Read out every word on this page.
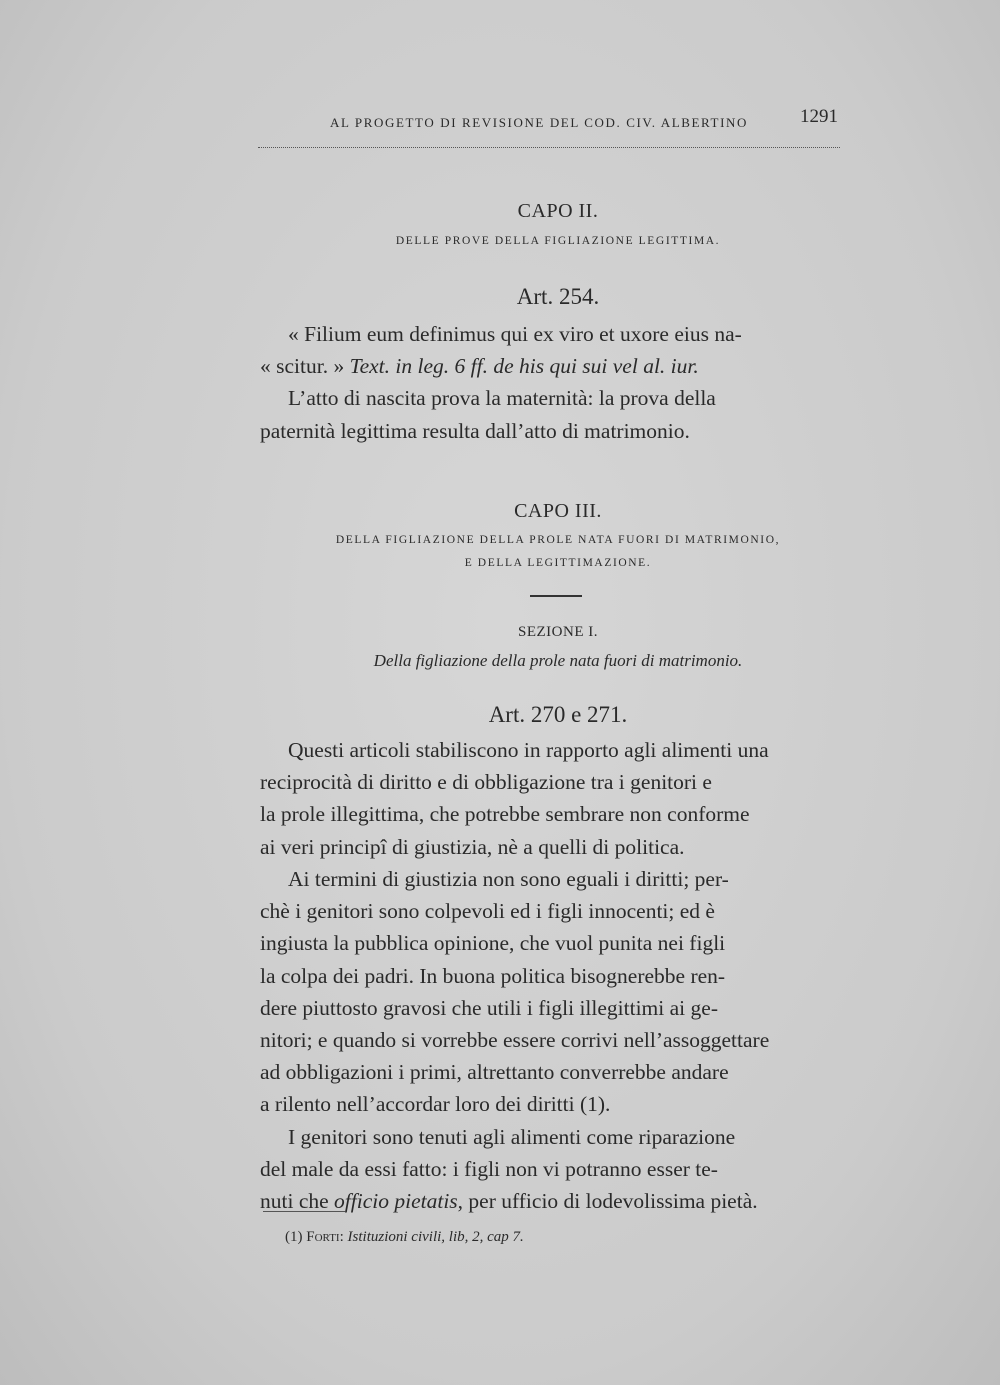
AL PROGETTO DI REVISIONE DEL COD. CIV. ALBERTINO	1291
CAPO II.
DELLE PROVE DELLA FIGLIAZIONE LEGITTIMA.
Art. 254.
« Filium eum definimus qui ex viro et uxore eius na-
« scitur. » Text. in leg. 6 ff. de his qui sui vel al. iur.
L’atto di nascita prova la maternità: la prova della
paternità legittima resulta dall’atto di matrimonio.
CAPO III.
DELLA FIGLIAZIONE DELLA PROLE NATA FUORI DI MATRIMONIO,
E DELLA LEGITTIMAZIONE.
SEZIONE I.
Della figliazione della prole nata fuori di matrimonio.
Art. 270 e 271.
Questi articoli stabiliscono in rapporto agli alimenti una
reciprocità di diritto e di obbligazione tra i genitori e
la prole illegittima, che potrebbe sembrare non conforme
ai veri principî di giustizia, nè a quelli di politica.
Ai termini di giustizia non sono eguali i diritti; per-
chè i genitori sono colpevoli ed i figli innocenti; ed è
ingiusta la pubblica opinione, che vuol punita nei figli
la colpa dei padri. In buona politica bisognerebbe ren-
dere piuttosto gravosi che utili i figli illegittimi ai ge-
nitori; e quando si vorrebbe essere corrivi nell’assoggettare
ad obbligazioni i primi, altrettanto converrebbe andare
a rilento nell’accordar loro dei diritti (1).
I genitori sono tenuti agli alimenti come riparazione
del male da essi fatto: i figli non vi potranno esser te-
nuti che officio pietatis, per ufficio di lodevolissima pietà.
(1) Forti: Istituzioni civili, lib, 2, cap 7.
